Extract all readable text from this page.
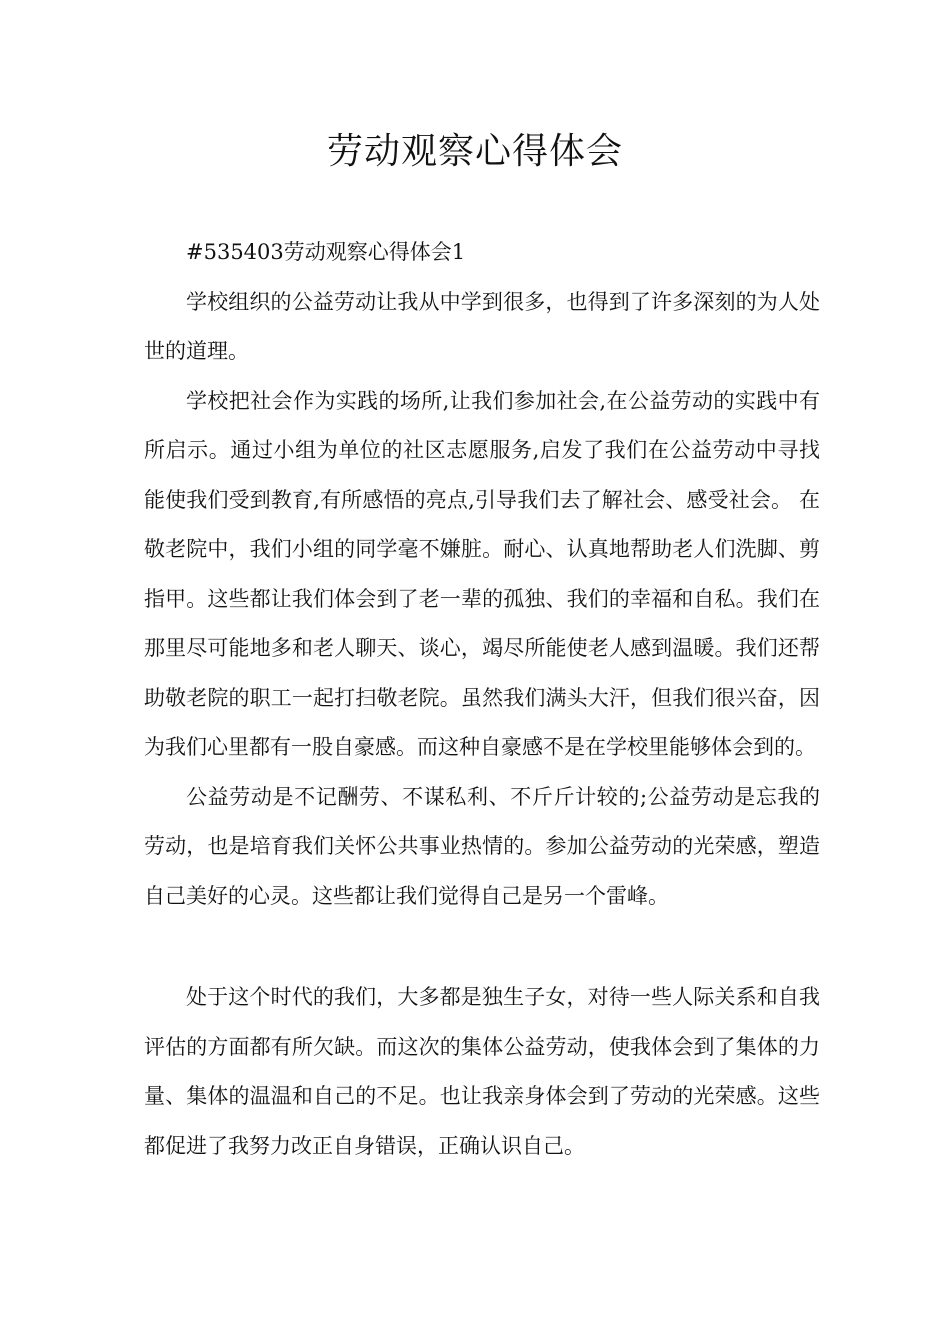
劳动观察心得体会

#535403劳动观察心得体会1

学校组织的公益劳动让我从中学到很多，也得到了许多深刻的为人处世的道理。

学校把社会作为实践的场所,让我们参加社会,在公益劳动的实践中有所启示。通过小组为单位的社区志愿服务,启发了我们在公益劳动中寻找能使我们受到教育,有所感悟的亮点,引导我们去了解社会、感受社会。 在敬老院中，我们小组的同学毫不嫌脏。耐心、认真地帮助老人们洗脚、剪指甲。这些都让我们体会到了老一辈的孤独、我们的幸福和自私。我们在那里尽可能地多和老人聊天、谈心，竭尽所能使老人感到温暖。我们还帮助敬老院的职工一起打扫敬老院。虽然我们满头大汗，但我们很兴奋，因为我们心里都有一股自豪感。而这种自豪感不是在学校里能够体会到的。

公益劳动是不记酬劳、不谋私利、不斤斤计较的;公益劳动是忘我的劳动，也是培育我们关怀公共事业热情的。参加公益劳动的光荣感，塑造自己美好的心灵。这些都让我们觉得自己是另一个雷峰。

处于这个时代的我们，大多都是独生子女，对待一些人际关系和自我评估的方面都有所欠缺。而这次的集体公益劳动，使我体会到了集体的力量、集体的温温和自己的不足。也让我亲身体会到了劳动的光荣感。这些都促进了我努力改正自身错误，正确认识自己。
